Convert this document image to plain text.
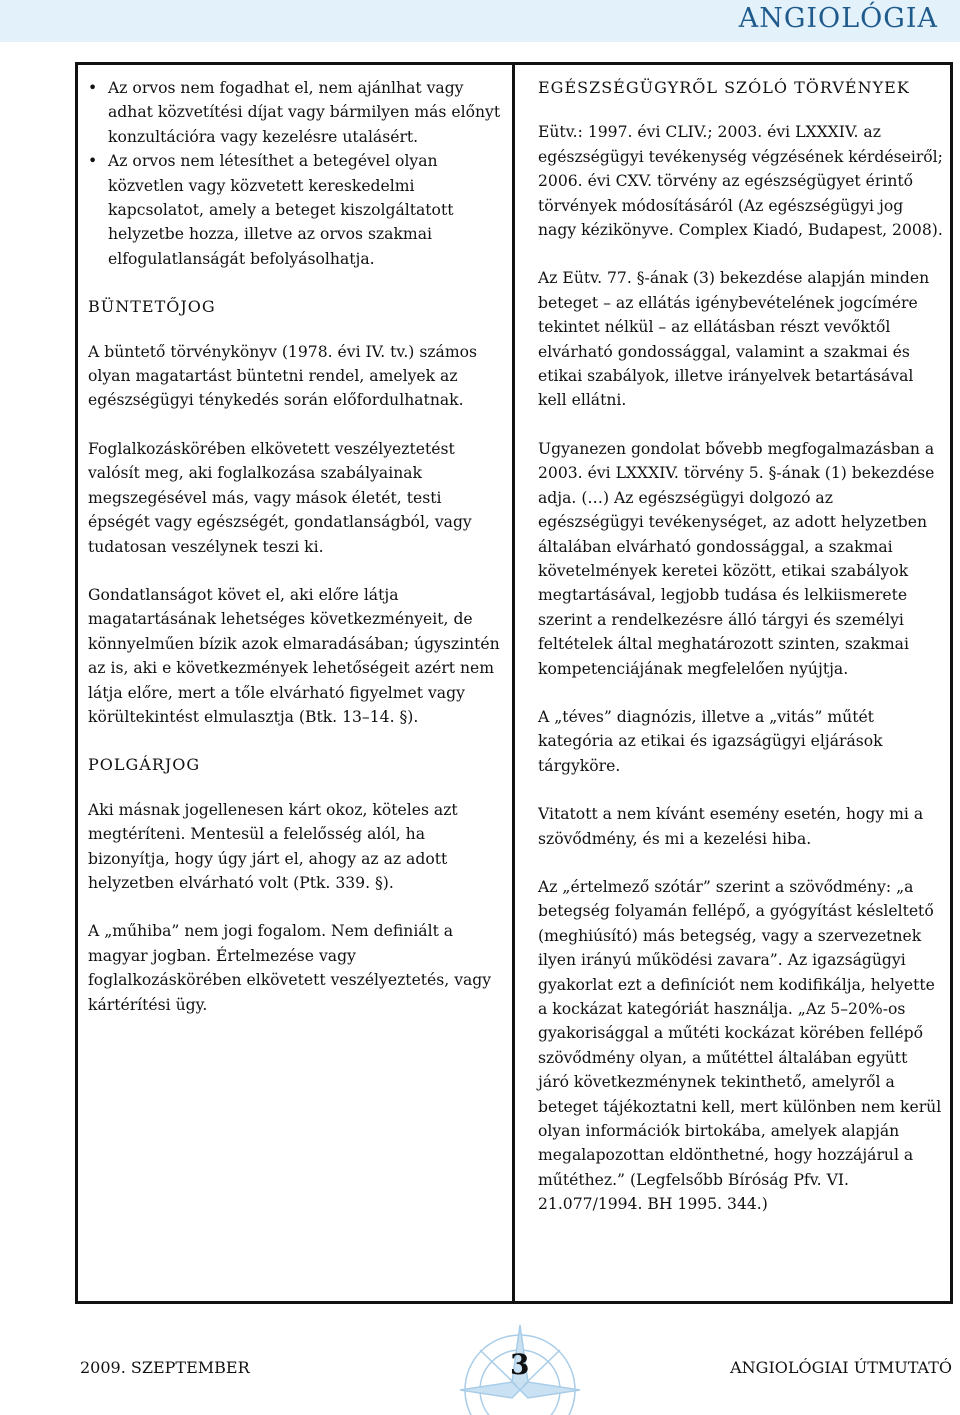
ANGIOLÓGIA

• Az orvos nem fogadhat el, nem ajánlhat vagy adhat közvetítési díjat vagy bármilyen más előnyt konzultációra vagy kezelésre utalásért.

• Az orvos nem létesíthet a betegével olyan közvetlen vagy közvetett kereskedelmi kapcsolatot, amely a beteget kiszolgáltatott helyzetbe hozza, illetve az orvos szakmai elfogulatlanságát befolyásolhatja.

BÜNTETŐJOG

A büntető törvénykönyv (1978. évi IV. tv.) számos olyan magatartást büntetni rendel, amelyek az egészségügyi ténykedés során előfordulhatnak.

Foglalkozáskörében elkövetett veszélyeztetést valósít meg, aki foglalkozása szabályainak megszegésével más, vagy mások életét, testi épségét vagy egészségét, gondatlanságból, vagy tudatosan veszélynek teszi ki.

Gondatlanságot követ el, aki előre látja magatartásának lehetséges következményeit, de könnyelműen bízik azok elmaradásában; úgyszintén az is, aki e következmények lehetőségeit azért nem látja előre, mert a tőle elvárható figyelmet vagy körültekintést elmulasztja (Btk. 13–14. §).

POLGÁRJOG

Aki másnak jogellenesen kárt okoz, köteles azt megtéríteni. Mentesül a felelősség alól, ha bizonyítja, hogy úgy járt el, ahogy az az adott helyzetben elvárható volt (Ptk. 339. §).

A „műhiba” nem jogi fogalom. Nem definiált a magyar jogban. Értelmezése vagy foglalkozáskörében elkövetett veszélyeztetés, vagy kártérítési ügy.

EGÉSZSÉGÜGYRŐL SZÓLÓ TÖRVÉNYEK

Eütv.: 1997. évi CLIV.; 2003. évi LXXXIV. az egészségügyi tevékenység végzésének kérdéseiről; 2006. évi CXV. törvény az egészségügyet érintő törvények módosításáról (Az egészségügyi jog nagy kézikönyve. Complex Kiadó, Budapest, 2008).

Az Eütv. 77. §-ának (3) bekezdése alapján minden beteget – az ellátás igénybevételének jogcímére tekintet nélkül – az ellátásban részt vevőktől elvárható gondossággal, valamint a szakmai és etikai szabályok, illetve irányelvek betartásával kell ellátni.

Ugyanezen gondolat bővebb megfogalmazásban a 2003. évi LXXXIV. törvény 5. §-ának (1) bekezdése adja. (…) Az egészségügyi dolgozó az egészségügyi tevékenységet, az adott helyzetben általában elvárható gondossággal, a szakmai követelmények keretei között, etikai szabályok megtartásával, legjobb tudása és lelkiismerete szerint a rendelkezésre álló tárgyi és személyi feltételek által meghatározott szinten, szakmai kompetenciájának megfelelően nyújtja.

A „téves” diagnózis, illetve a „vitás” műtét kategória az etikai és igazságügyi eljárások tárgyköre.

Vitatott a nem kívánt esemény esetén, hogy mi a szövődmény, és mi a kezelési hiba.

Az „értelmező szótár” szerint a szövődmény: „a betegség folyamán fellépő, a gyógyítást késleltető (meghiúsító) más betegség, vagy a szervezetnek ilyen irányú működési zavara”. Az igazságügyi gyakorlat ezt a definíciót nem kodifikálja, helyette a kockázat kategóriát használja. „Az 5–20%-os gyakorisággal a műtéti kockázat körében fellépő szövődmény olyan, a műtéttel általában együtt járó következménynek tekinthető, amelyről a beteget tájékoztatni kell, mert különben nem kerül olyan információk birtokába, amelyek alapján megalapozottan eldönthetné, hogy hozzájárul a műtéthez.” (Legfelsőbb Bíróság Pfv. VI. 21.077/1994. BH 1995. 344.)

2009. SZEPTEMBER	3	ANGIOLÓGIAI ÚTMUTATÓ
